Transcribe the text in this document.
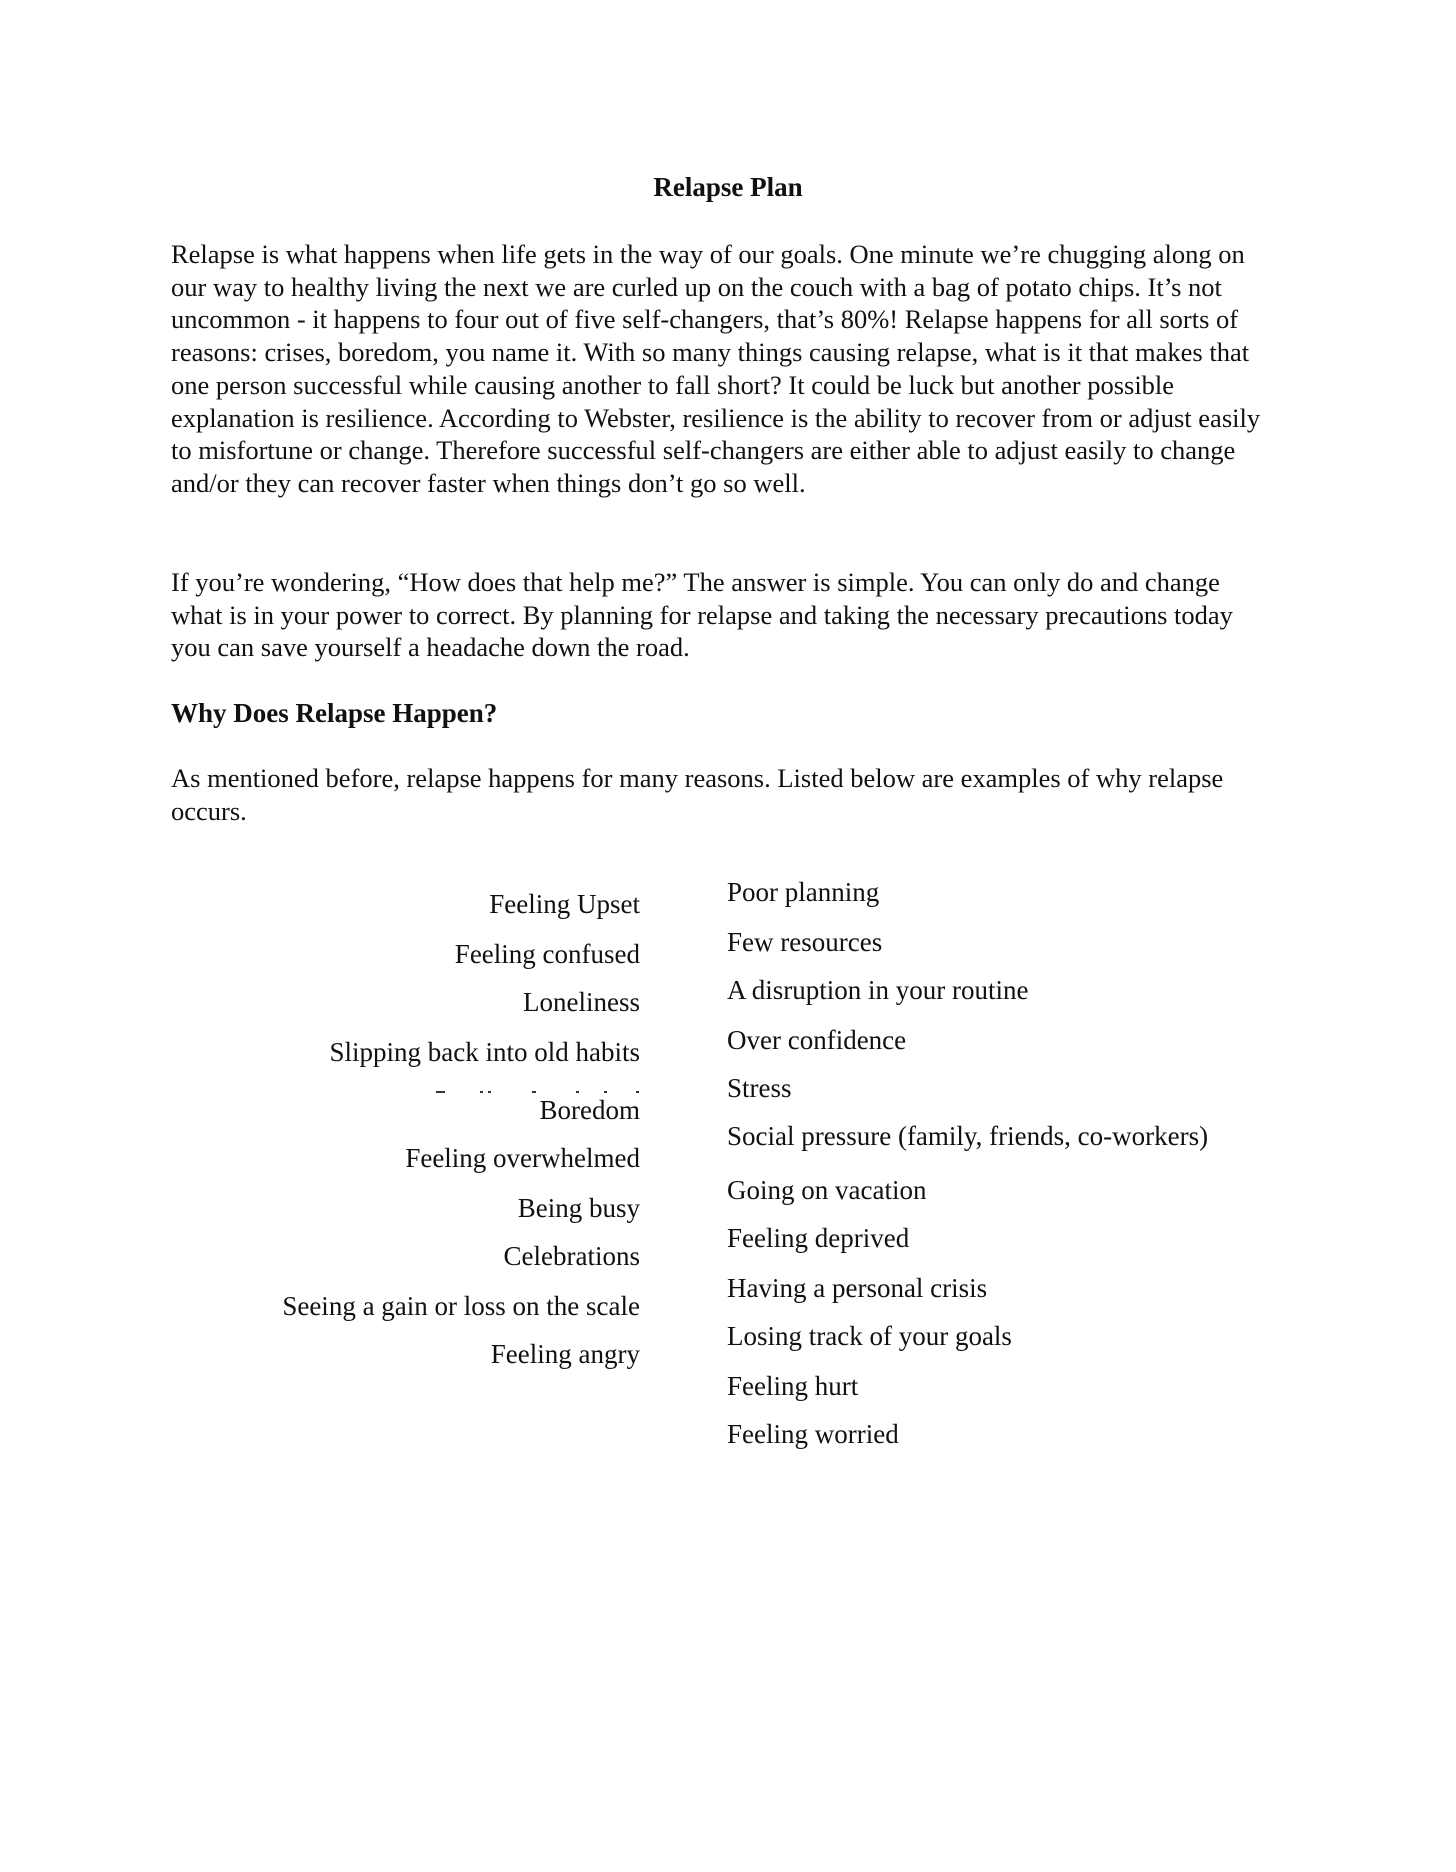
Relapse Plan

Relapse is what happens when life gets in the way of our goals. One minute we’re chugging along on our way to healthy living the next we are curled up on the couch with a bag of potato chips. It’s not uncommon - it happens to four out of five self-changers, that’s 80%! Relapse happens for all sorts of reasons: crises, boredom, you name it. With so many things causing relapse, what is it that makes that one person successful while causing another to fall short? It could be luck but another possible explanation is resilience. According to Webster, resilience is the ability to recover from or adjust easily to misfortune or change. Therefore successful self-changers are either able to adjust easily to change and/or they can recover faster when things don’t go so well.

If you’re wondering, “How does that help me?” The answer is simple. You can only do and change what is in your power to correct. By planning for relapse and taking the necessary precautions today you can save yourself a headache down the road.

Why Does Relapse Happen?

As mentioned before, relapse happens for many reasons. Listed below are examples of why relapse occurs.

Feeling Upset
Feeling confused
Loneliness
Slipping back into old habits
Boredom
Feeling overwhelmed
Being busy
Celebrations
Seeing a gain or loss on the scale
Feeling angry
Poor planning
Few resources
A disruption in your routine
Over confidence
Stress
Social pressure (family, friends, co-workers)
Going on vacation
Feeling deprived
Having a personal crisis
Losing track of your goals
Feeling hurt
Feeling worried
